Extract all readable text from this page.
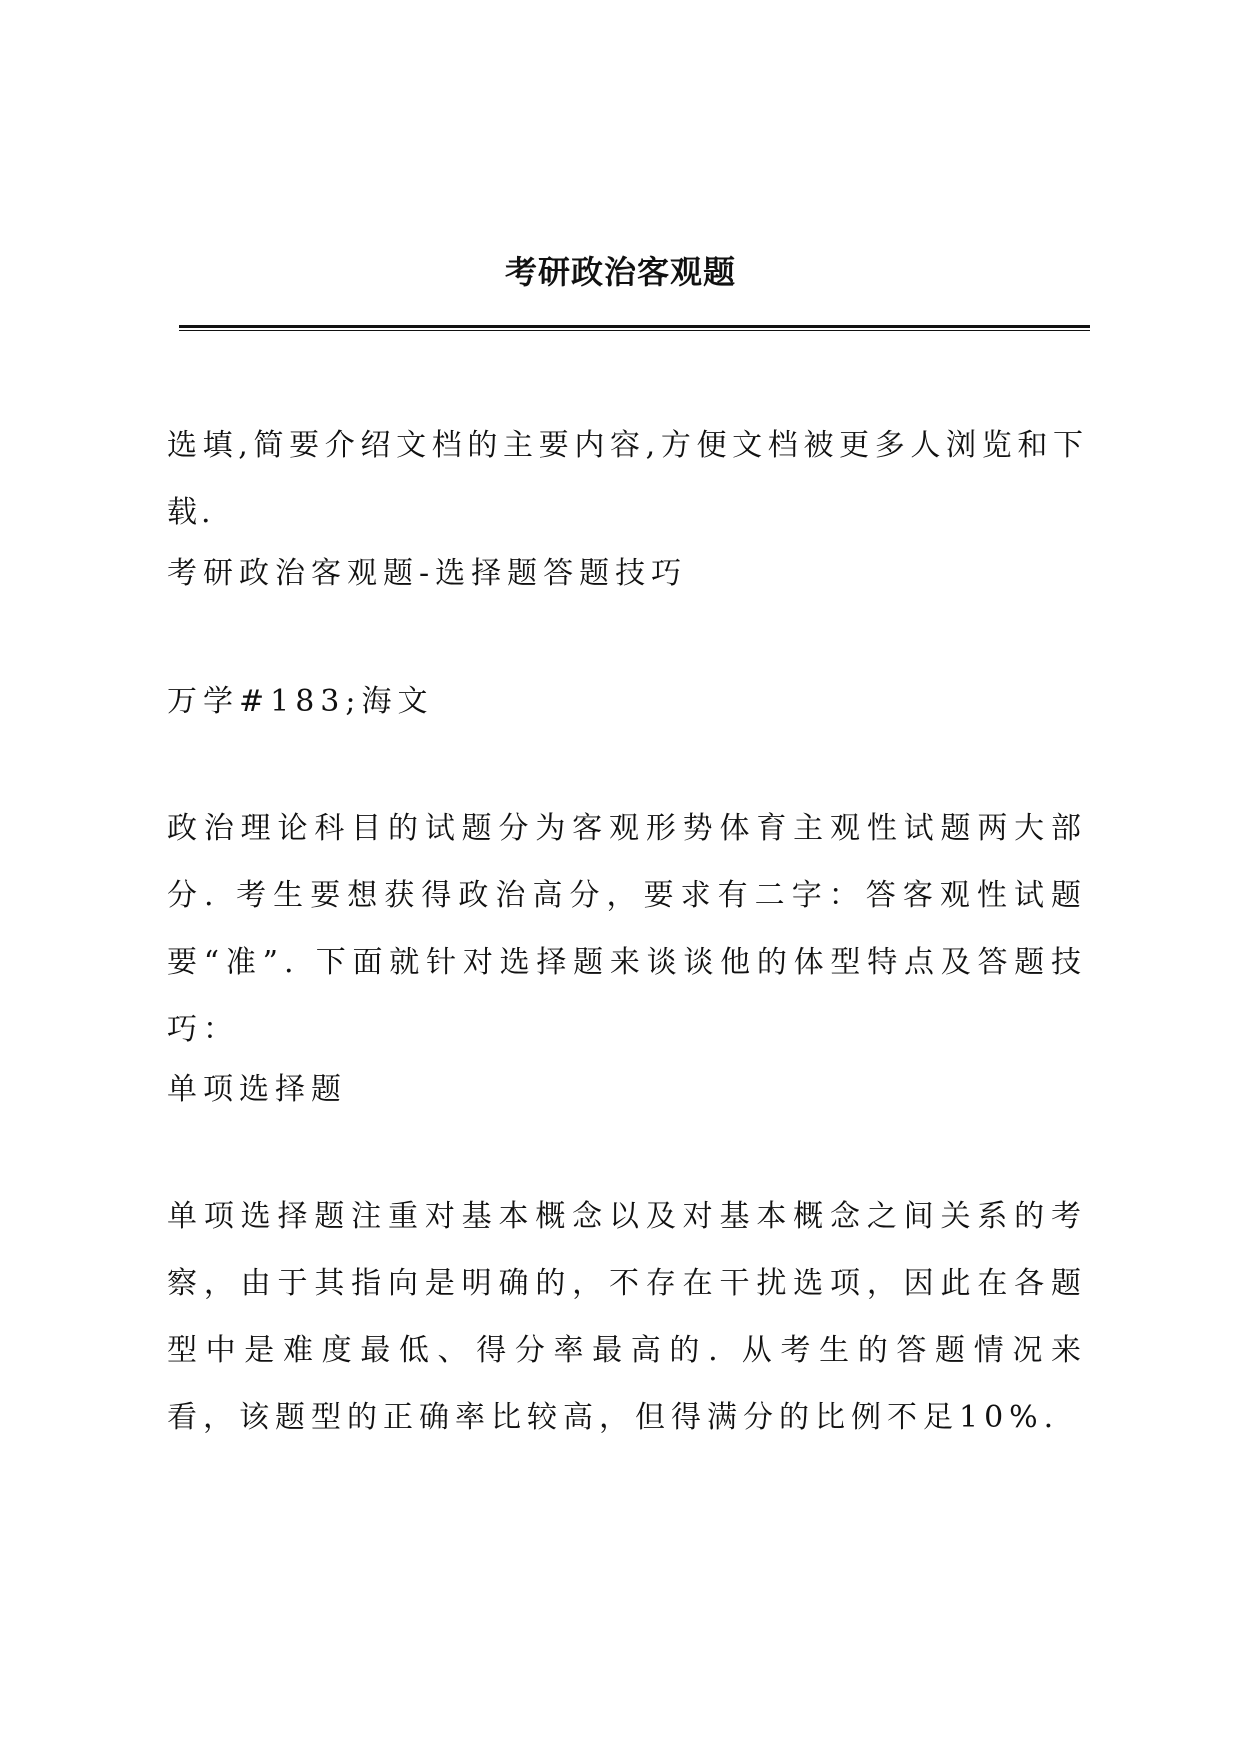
考研政治客观题

选填,简要介绍文档的主要内容,方便文档被更多人浏览和下载.

考研政治客观题-选择题答题技巧

万学#183;海文

政治理论科目的试题分为客观形势体育主观性试题两大部分. 考生要想获得政治高分，要求有二字：答客观性试题要“准”. 下面就针对选择题来谈谈他的体型特点及答题技巧：

单项选择题

单项选择题注重对基本概念以及对基本概念之间关系的考察，由于其指向是明确的，不存在干扰选项，因此在各题型中是难度最低、得分率最高的. 从考生的答题情况来看，该题型的正确率比较高，但得满分的比例不足10%.
